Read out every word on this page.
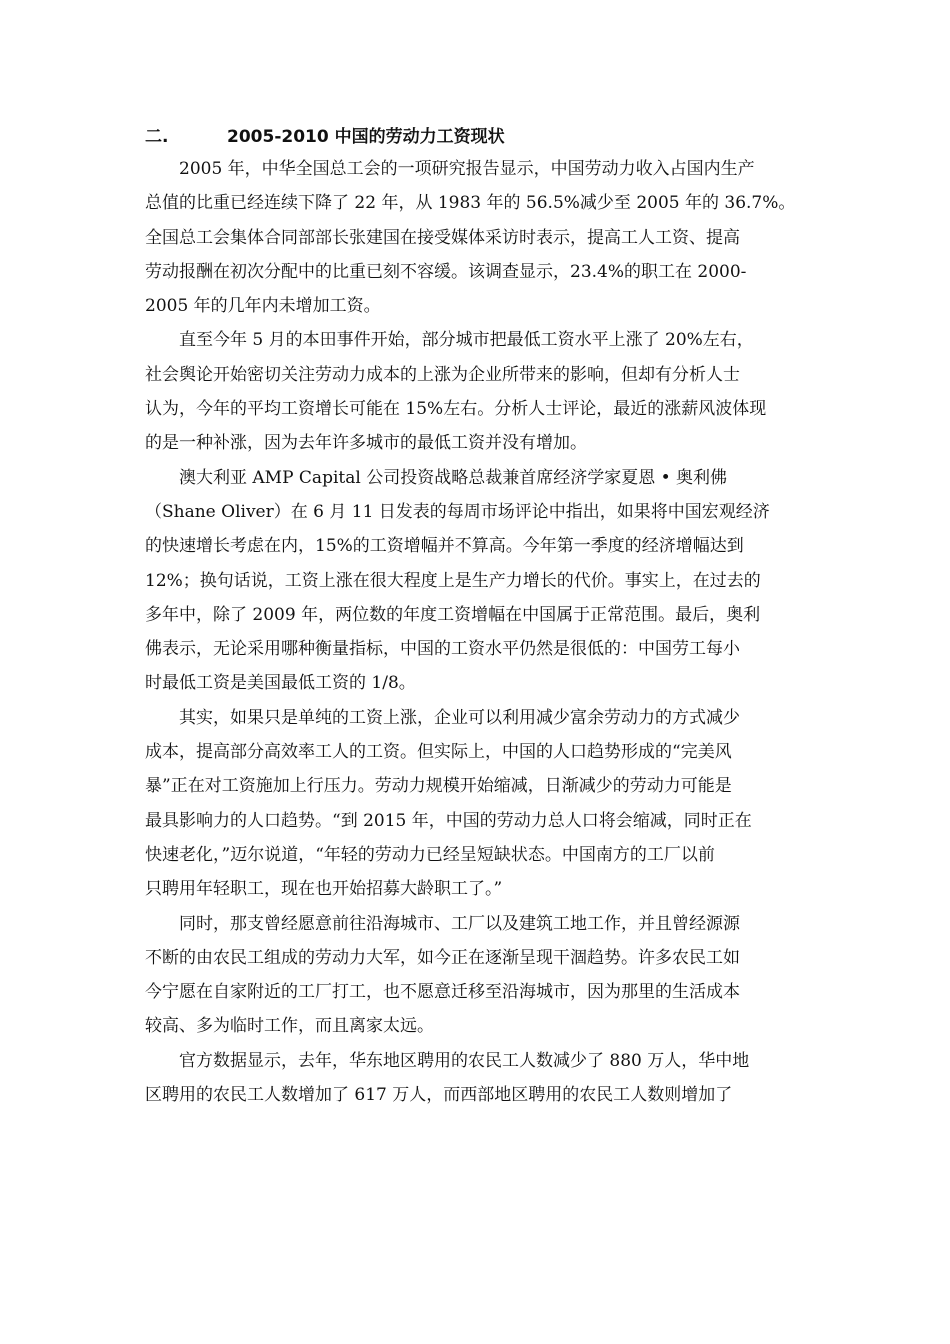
二.	2005-2010 中国的劳动力工资现状
2005 年，中华全国总工会的一项研究报告显示，中国劳动力收入占国内生产
总值的比重已经连续下降了 22 年，从 1983 年的 56.5%减少至 2005 年的 36.7%。
全国总工会集体合同部部长张建国在接受媒体采访时表示，提高工人工资、提高
劳动报酬在初次分配中的比重已刻不容缓。该调查显示，23.4%的职工在 2000-
2005 年的几年内未增加工资。
直至今年 5 月的本田事件开始，部分城市把最低工资水平上涨了 20%左右，
社会舆论开始密切关注劳动力成本的上涨为企业所带来的影响，但却有分析人士
认为，今年的平均工资增长可能在 15%左右。分析人士评论，最近的涨薪风波体现
的是一种补涨，因为去年许多城市的最低工资并没有增加。
澳大利亚 AMP Capital 公司投资战略总裁兼首席经济学家夏恩 • 奥利佛
（Shane Oliver）在 6 月 11 日发表的每周市场评论中指出，如果将中国宏观经济
的快速增长考虑在内，15%的工资增幅并不算高。今年第一季度的经济增幅达到
12%；换句话说，工资上涨在很大程度上是生产力增长的代价。事实上，在过去的
多年中，除了 2009 年，两位数的年度工资增幅在中国属于正常范围。最后，奥利
佛表示，无论采用哪种衡量指标，中国的工资水平仍然是很低的：中国劳工每小
时最低工资是美国最低工资的 1/8。
其实，如果只是单纯的工资上涨，企业可以利用减少富余劳动力的方式减少
成本，提高部分高效率工人的工资。但实际上，中国的人口趋势形成的“完美风
暴”正在对工资施加上行压力。劳动力规模开始缩减，日渐减少的劳动力可能是
最具影响力的人口趋势。“到 2015 年，中国的劳动力总人口将会缩减，同时正在
快速老化，”迈尔说道，“年轻的劳动力已经呈短缺状态。中国南方的工厂以前
只聘用年轻职工，现在也开始招募大龄职工了。”
同时，那支曾经愿意前往沿海城市、工厂以及建筑工地工作，并且曾经源源
不断的由农民工组成的劳动力大军，如今正在逐渐呈现干涸趋势。许多农民工如
今宁愿在自家附近的工厂打工，也不愿意迁移至沿海城市，因为那里的生活成本
较高、多为临时工作，而且离家太远。
官方数据显示，去年，华东地区聘用的农民工人数减少了 880 万人，华中地
区聘用的农民工人数增加了 617 万人，而西部地区聘用的农民工人数则增加了
